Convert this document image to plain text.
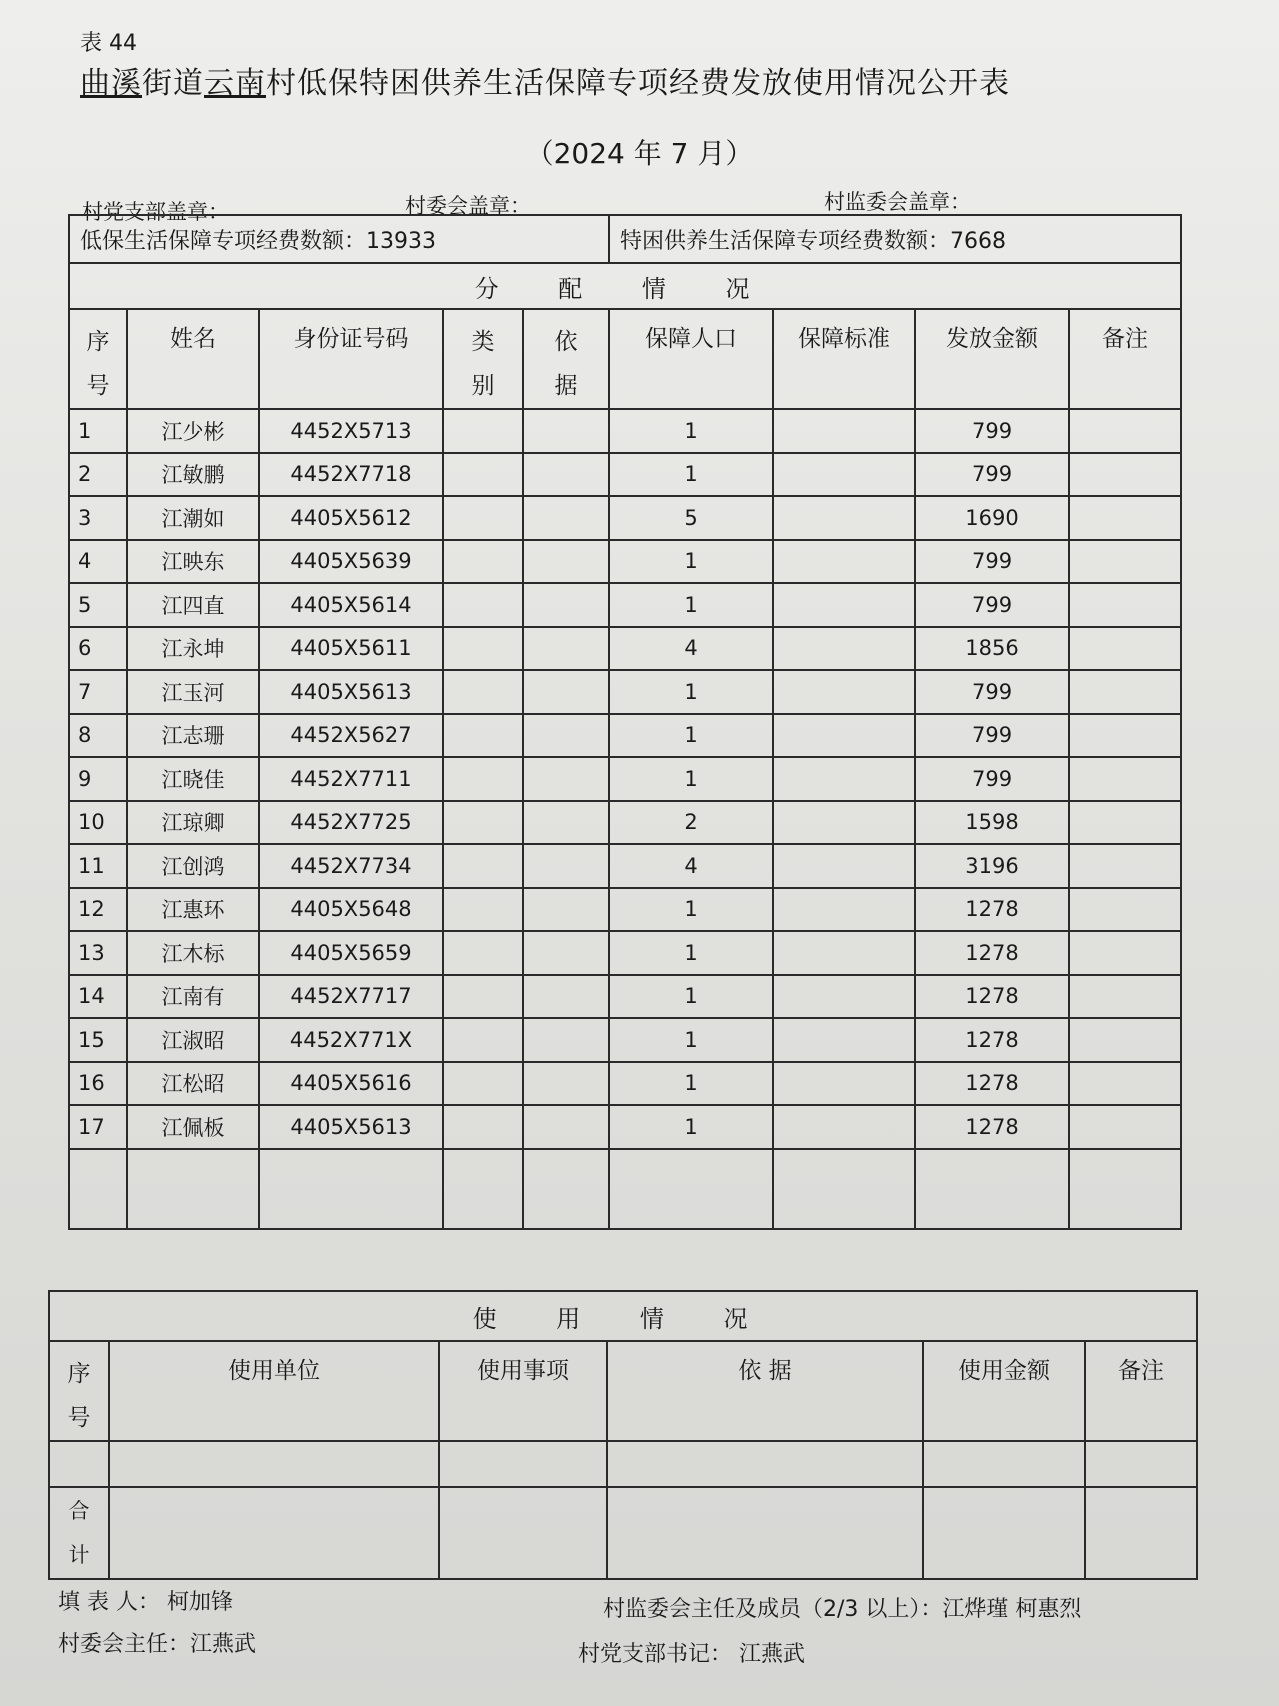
表 44
曲溪街道云南村低保特困供养生活保障专项经费发放使用情况公开表
（2024 年 7 月）
村党支部盖章：	村委会盖章：	村监委会盖章：
低保生活保障专项经费数额：13933					特困供养生活保障专项经费数额：7668			
分 配 情 况								
序号	姓名	身份证号码	类别	依据	保障人口	保障标准	发放金额	备注
1	江少彬	4452X5713			1		799	
2	江敏鹏	4452X7718			1		799	
3	江潮如	4405X5612			5		1690	
4	江映东	4405X5639			1		799	
5	江四直	4405X5614			1		799	
6	江永坤	4405X5611			4		1856	
7	江玉河	4405X5613			1		799	
8	江志珊	4452X5627			1		799	
9	江晓佳	4452X7711			1		799	
10	江琼卿	4452X7725			2		1598	
11	江创鸿	4452X7734			4		3196	
12	江惠环	4405X5648			1		1278	
13	江木标	4405X5659			1		1278	
14	江南有	4452X7717			1		1278	
15	江淑昭	4452X771X			1		1278	
16	江松昭	4405X5616			1		1278	
17	江佩板	4405X5613			1		1278	

使 用 情 况					
序号	使用单位	使用事项	依 据	使用金额	备注

合计					
填 表 人： 柯加锋
村委会主任：江燕武
村监委会主任及成员（2/3 以上）：江烨瑾 柯惠烈
村党支部书记： 江燕武
